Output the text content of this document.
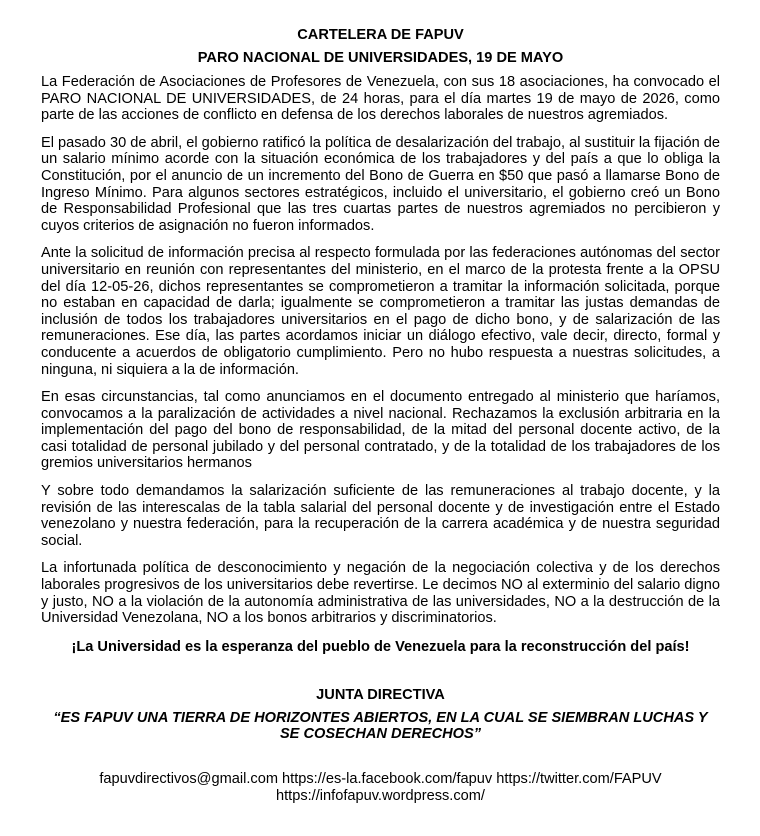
CARTELERA DE FAPUV

PARO NACIONAL DE UNIVERSIDADES, 19 DE MAYO

La Federación de Asociaciones de Profesores de Venezuela, con sus 18 asociaciones, ha convocado el PARO NACIONAL DE UNIVERSIDADES, de 24 horas, para el día martes 19 de mayo de 2026, como parte de las acciones de conflicto en defensa de los derechos laborales de nuestros agremiados.

El pasado 30 de abril, el gobierno ratificó la política de desalarización del trabajo, al sustituir la fijación de un salario mínimo acorde con la situación económica de los trabajadores y del país a que lo obliga la Constitución, por el anuncio de un incremento del Bono de Guerra en $50 que pasó a llamarse Bono de Ingreso Mínimo. Para algunos sectores estratégicos, incluido el universitario, el gobierno creó un Bono de Responsabilidad Profesional que las tres cuartas partes de nuestros agremiados no percibieron y cuyos criterios de asignación no fueron informados.

Ante la solicitud de información precisa al respecto formulada por las federaciones autónomas del sector universitario en reunión con representantes del ministerio, en el marco de la protesta frente a la OPSU del día 12-05-26, dichos representantes se comprometieron a tramitar la información solicitada, porque no estaban en capacidad de darla; igualmente se comprometieron a tramitar las justas demandas de inclusión de todos los trabajadores universitarios en el pago de dicho bono, y de salarización de las remuneraciones. Ese día, las partes acordamos iniciar un diálogo efectivo, vale decir, directo, formal y conducente a acuerdos de obligatorio cumplimiento. Pero no hubo respuesta a nuestras solicitudes, a ninguna, ni siquiera a la de información.

En esas circunstancias, tal como anunciamos en el documento entregado al ministerio que haríamos, convocamos a la paralización de actividades a nivel nacional. Rechazamos la exclusión arbitraria en la implementación del pago del bono de responsabilidad, de la mitad del personal docente activo, de la casi totalidad de personal jubilado y del personal contratado, y de la totalidad de los trabajadores de los gremios universitarios hermanos

Y sobre todo demandamos la salarización suficiente de las remuneraciones al trabajo docente, y la revisión de las interescalas de la tabla salarial del personal docente y de investigación entre el Estado venezolano y nuestra federación, para la recuperación de la carrera académica y de nuestra seguridad social.

La infortunada política de desconocimiento y negación de la negociación colectiva y de los derechos laborales progresivos de los universitarios debe revertirse. Le decimos NO al exterminio del salario digno y justo, NO a la violación de la autonomía administrativa de las universidades, NO a la destrucción de la Universidad Venezolana, NO a los bonos arbitrarios y discriminatorios.

¡La Universidad es la esperanza del pueblo de Venezuela para la reconstrucción del país!

JUNTA DIRECTIVA

“ES FAPUV UNA TIERRA DE HORIZONTES ABIERTOS, EN LA CUAL SE SIEMBRAN LUCHAS Y SE COSECHAN DERECHOS”

fapuvdirectivos@gmail.com https://es-la.facebook.com/fapuv https://twitter.com/FAPUV
https://infofapuv.wordpress.com/
